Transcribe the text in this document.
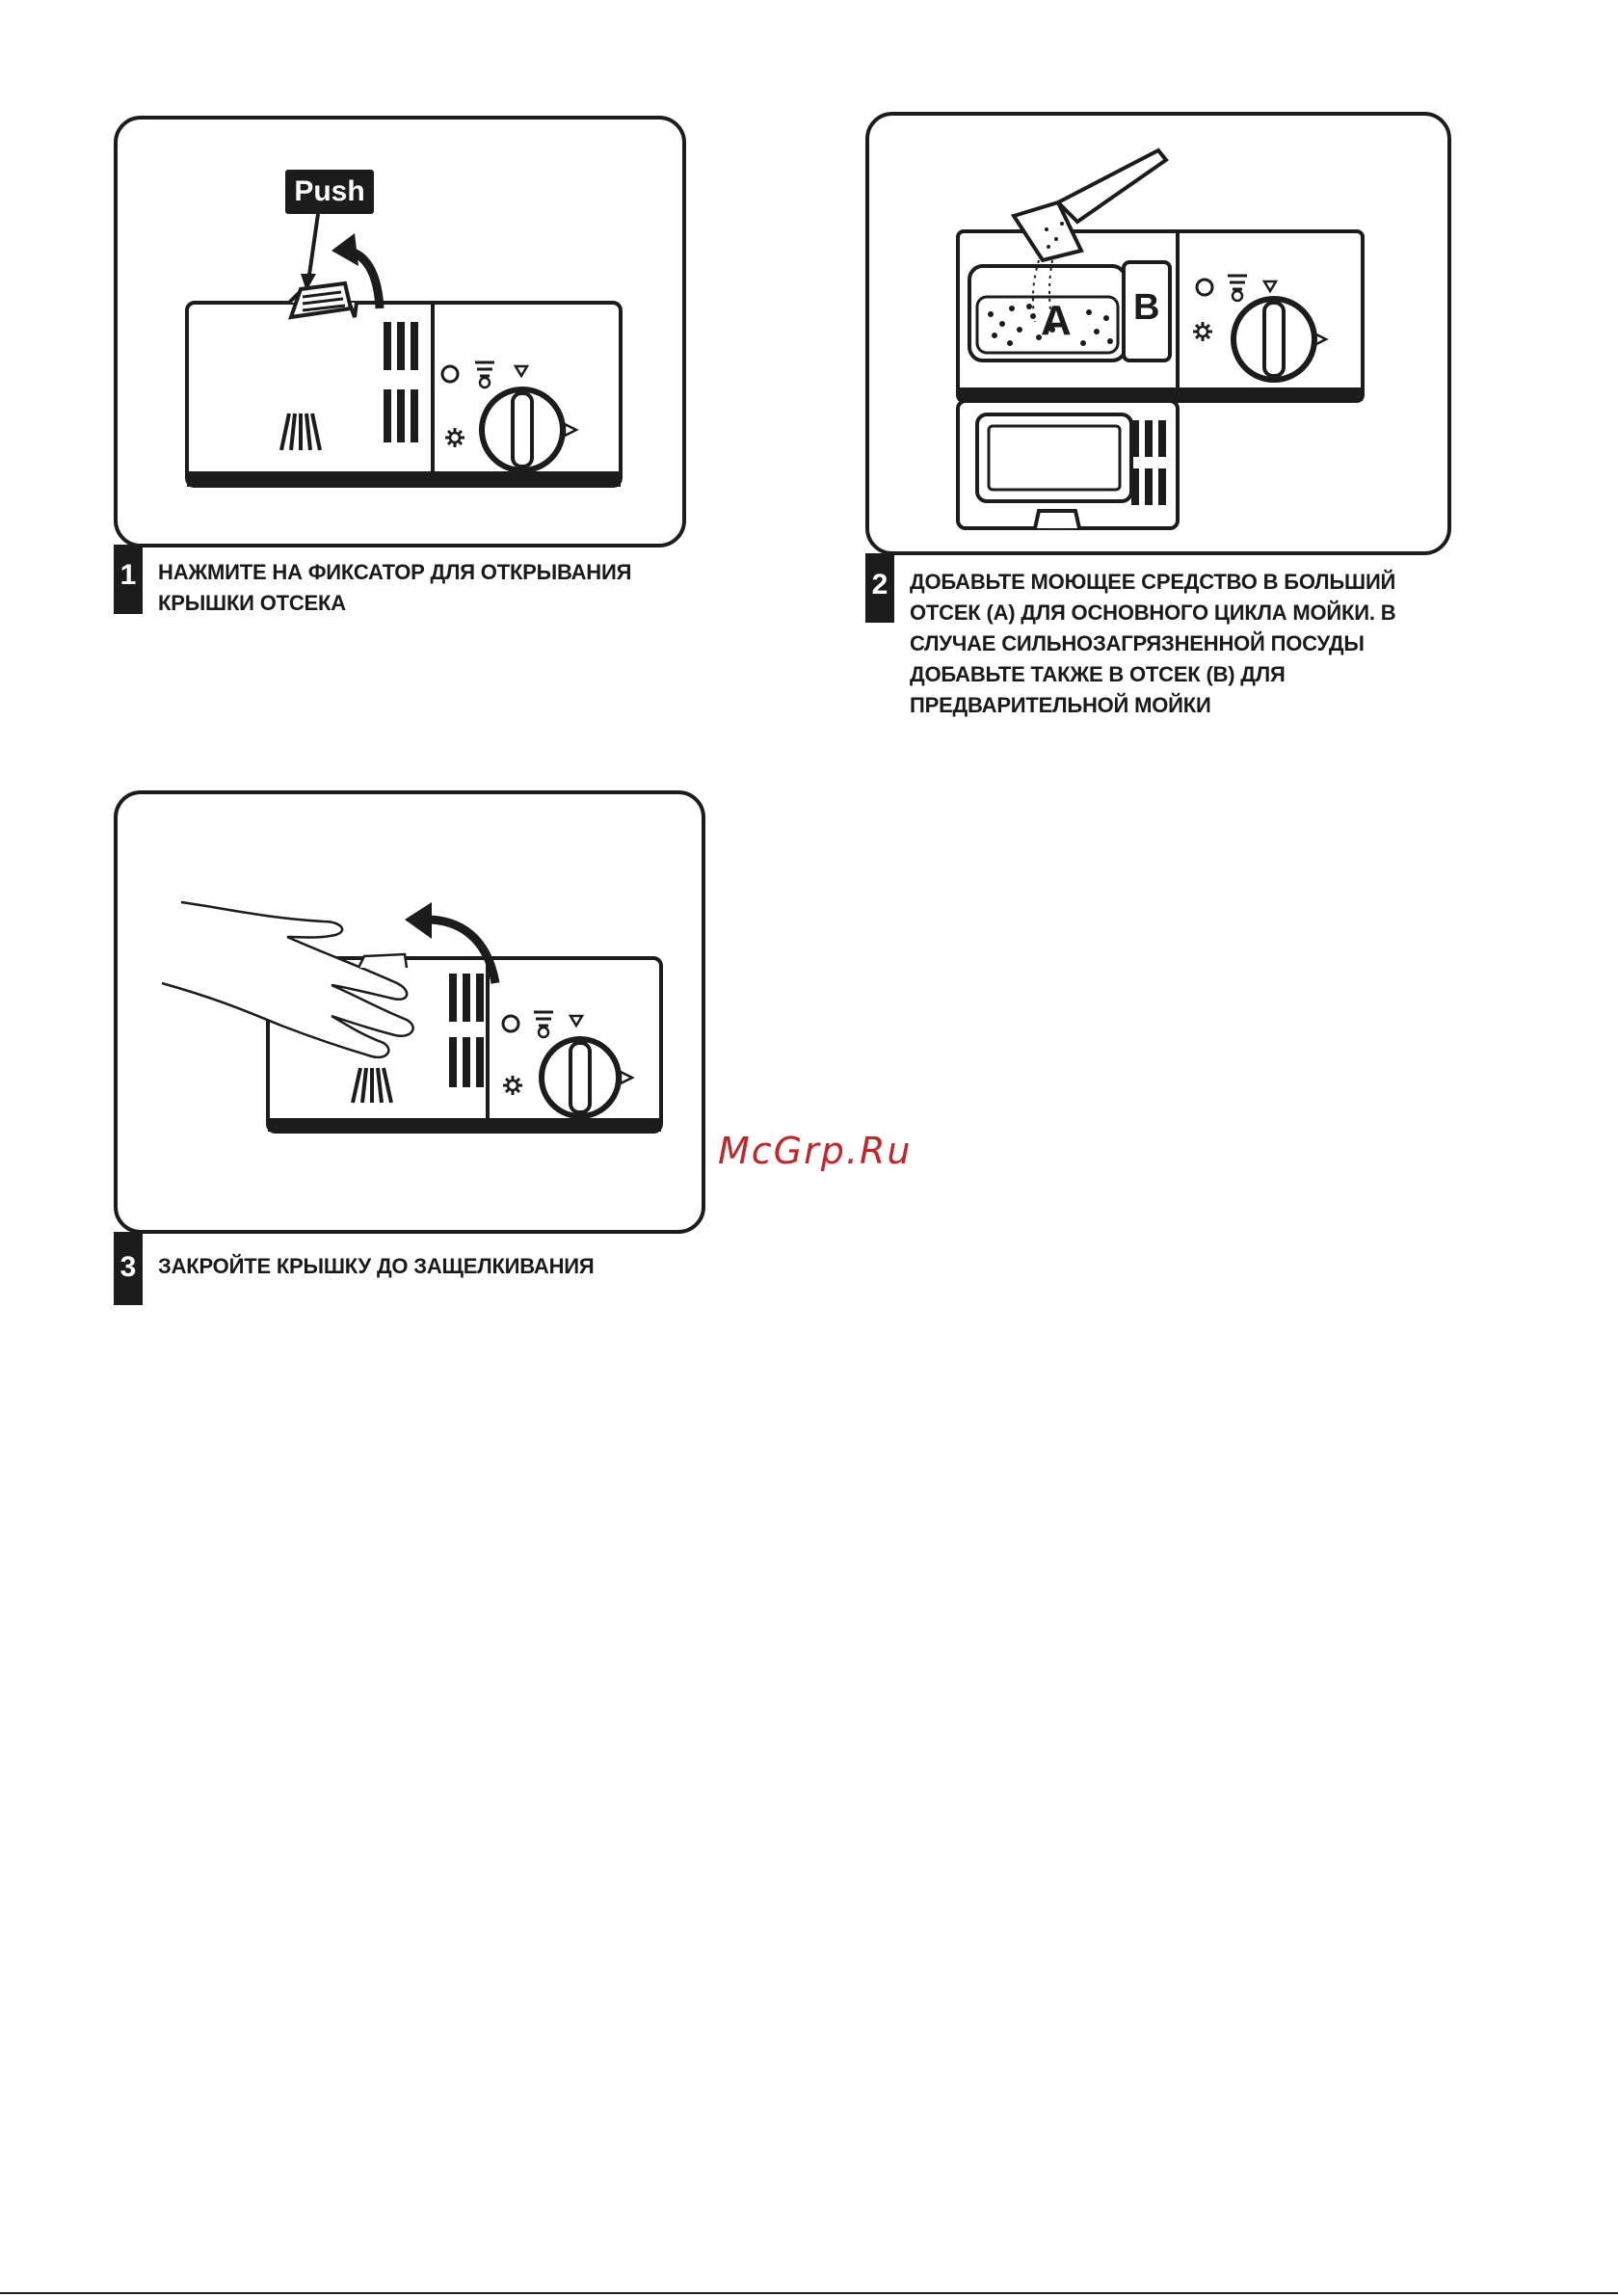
Push
1	НАЖМИТЕ НА ФИКСАТОР ДЛЯ ОТКРЫВАНИЯ
КРЫШКИ ОТСЕКА
A B
2	ДОБАВЬТЕ МОЮЩЕЕ СРЕДСТВО В БОЛЬШИЙ
ОТСЕК (A) ДЛЯ ОСНОВНОГО ЦИКЛА МОЙКИ. В
СЛУЧАЕ СИЛЬНОЗАГРЯЗНЕННОЙ ПОСУДЫ
ДОБАВЬТЕ ТАКЖЕ В ОТСЕК (B) ДЛЯ
ПРЕДВАРИТЕЛЬНОЙ МОЙКИ
3	ЗАКРОЙТЕ КРЫШКУ ДО ЗАЩЕЛКИВАНИЯ
McGrp.Ru
